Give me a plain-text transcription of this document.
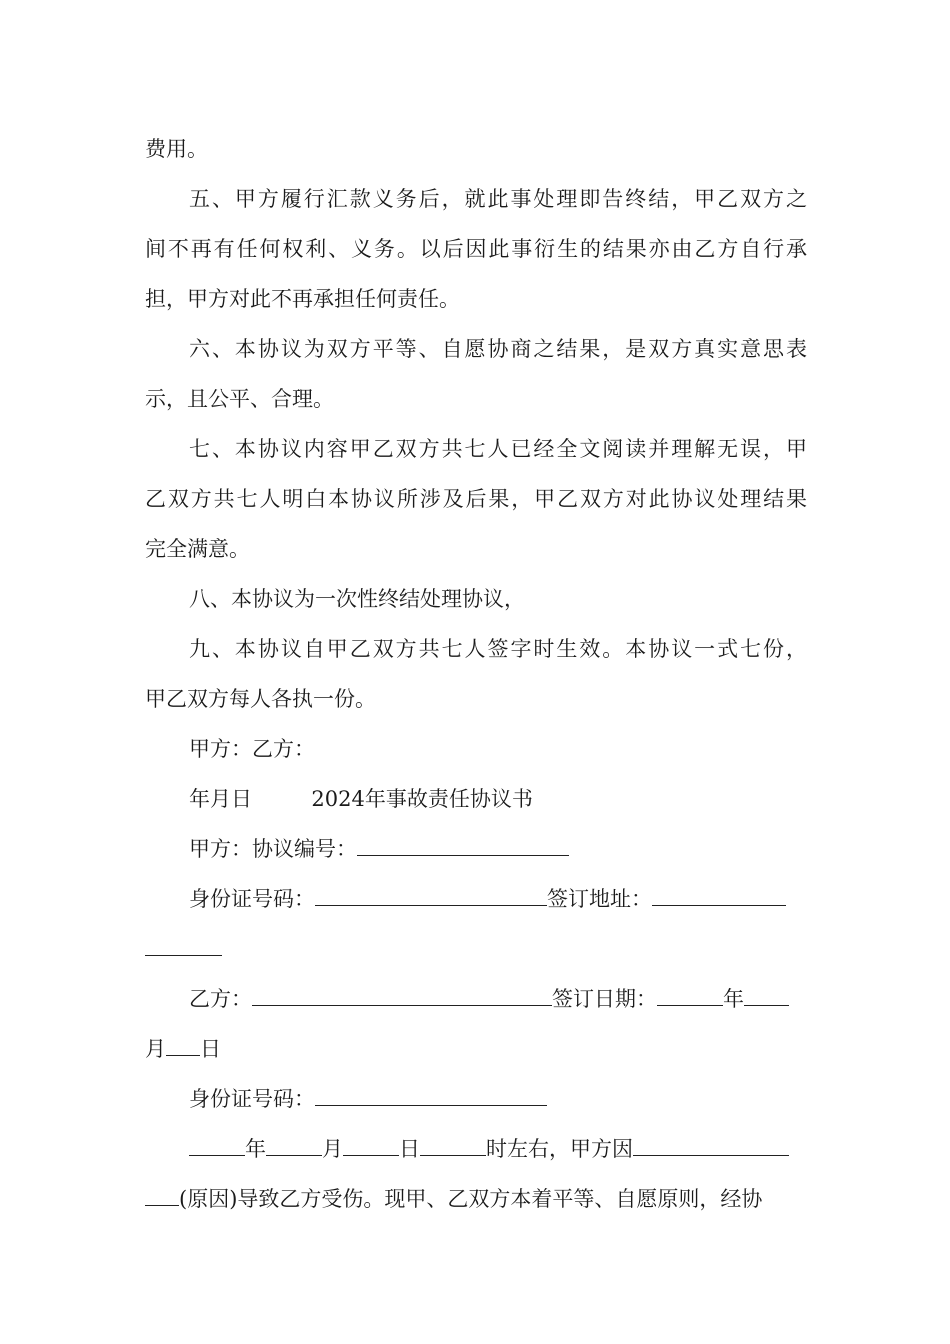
费用。
五、甲方履行汇款义务后，就此事处理即告终结，甲乙双方之
间不再有任何权利、义务。以后因此事衍生的结果亦由乙方自行承
担，甲方对此不再承担任何责任。
六、本协议为双方平等、自愿协商之结果，是双方真实意思表
示，且公平、合理。
七、本协议内容甲乙双方共七人已经全文阅读并理解无误，甲
乙双方共七人明白本协议所涉及后果，甲乙双方对此协议处理结果
完全满意。
八、本协议为一次性终结处理协议，
九、本协议自甲乙双方共七人签字时生效。本协议一式七份，
甲乙双方每人各执一份。
甲方：乙方：
年月日	2024年事故责任协议书
甲方：协议编号：
身份证号码：	签订地址：
乙方：	签订日期：	年
月 日
身份证号码：
年	月	日	时左右，甲方因
(原因)导致乙方受伤。现甲、乙双方本着平等、自愿原则，经协
